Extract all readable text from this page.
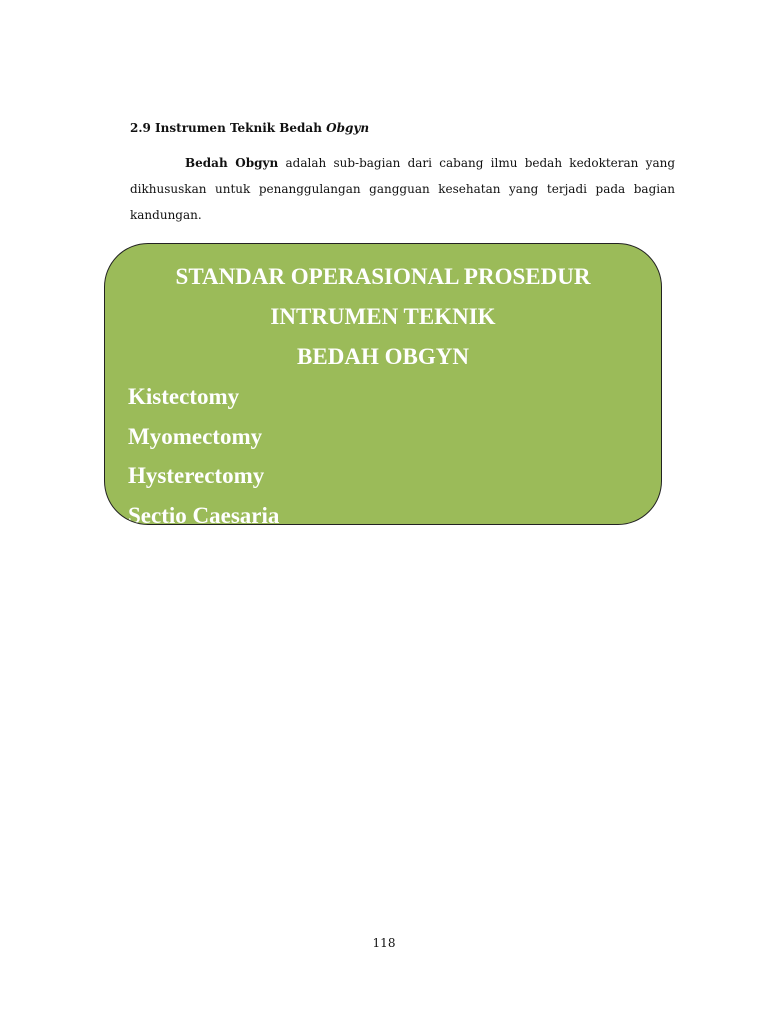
2.9 Instrumen Teknik Bedah Obgyn
Bedah Obgyn adalah sub-bagian dari cabang ilmu bedah kedokteran yang dikhususkan untuk penanggulangan gangguan kesehatan yang terjadi pada bagian kandungan.
STANDAR OPERASIONAL PROSEDUR
INTRUMEN TEKNIK
BEDAH OBGYN
Kistectomy
Myomectomy
Hysterectomy
Sectio Caesaria
118
